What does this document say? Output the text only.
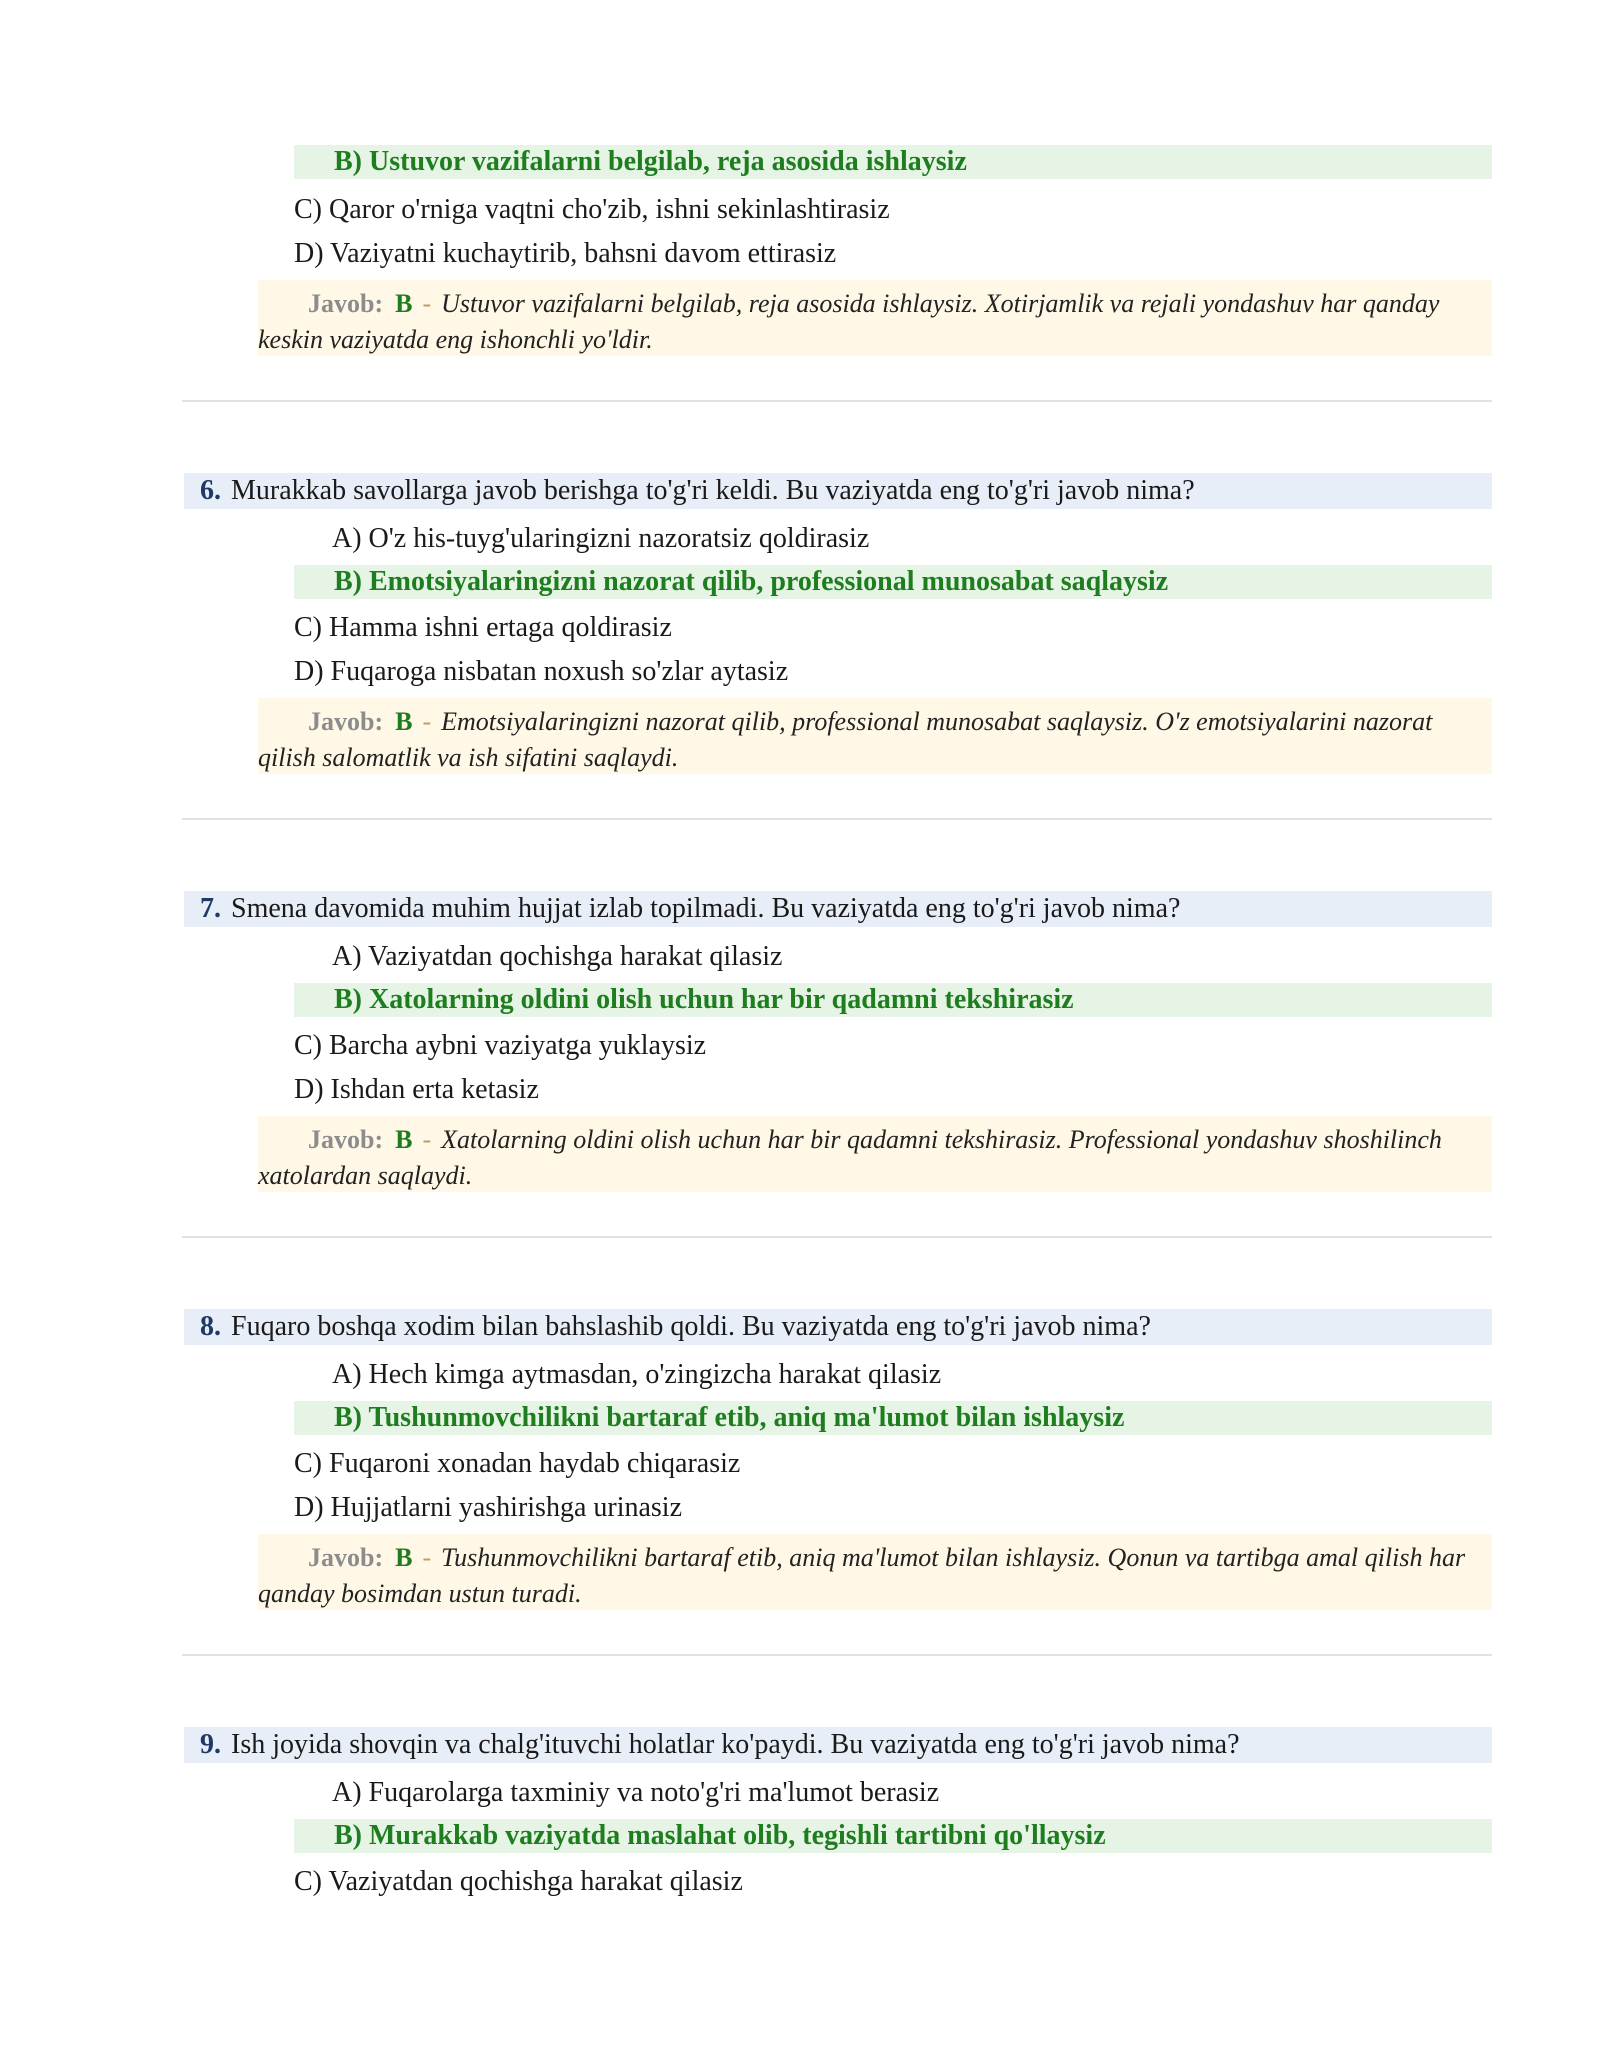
B) Ustuvor vazifalarni belgilab, reja asosida ishlaysiz
C) Qaror o'rniga vaqtni cho'zib, ishni sekinlashtirasiz
D) Vaziyatni kuchaytirib, bahsni davom ettirasiz
Javob: B - Ustuvor vazifalarni belgilab, reja asosida ishlaysiz. Xotirjamlik va rejali yondashuv har qanday keskin vaziyatda eng ishonchli yo'ldir.
6. Murakkab savollarga javob berishga to'g'ri keldi. Bu vaziyatda eng to'g'ri javob nima?
A) O'z his-tuyg'ularingizni nazoratsiz qoldirasiz
B) Emotsiyalaringizni nazorat qilib, professional munosabat saqlaysiz
C) Hamma ishni ertaga qoldirasiz
D) Fuqaroga nisbatan noxush so'zlar aytasiz
Javob: B - Emotsiyalaringizni nazorat qilib, professional munosabat saqlaysiz. O'z emotsiyalarini nazorat qilish salomatlik va ish sifatini saqlaydi.
7. Smena davomida muhim hujjat izlab topilmadi. Bu vaziyatda eng to'g'ri javob nima?
A) Vaziyatdan qochishga harakat qilasiz
B) Xatolarning oldini olish uchun har bir qadamni tekshirasiz
C) Barcha aybni vaziyatga yuklaysiz
D) Ishdan erta ketasiz
Javob: B - Xatolarning oldini olish uchun har bir qadamni tekshirasiz. Professional yondashuv shoshilinch xatolardan saqlaydi.
8. Fuqaro boshqa xodim bilan bahslashib qoldi. Bu vaziyatda eng to'g'ri javob nima?
A) Hech kimga aytmasdan, o'zingizcha harakat qilasiz
B) Tushunmovchilikni bartaraf etib, aniq ma'lumot bilan ishlaysiz
C) Fuqaroni xonadan haydab chiqarasiz
D) Hujjatlarni yashirishga urinasiz
Javob: B - Tushunmovchilikni bartaraf etib, aniq ma'lumot bilan ishlaysiz. Qonun va tartibga amal qilish har qanday bosimdan ustun turadi.
9. Ish joyida shovqin va chalg'ituvchi holatlar ko'paydi. Bu vaziyatda eng to'g'ri javob nima?
A) Fuqarolarga taxminiy va noto'g'ri ma'lumot berasiz
B) Murakkab vaziyatda maslahat olib, tegishli tartibni qo'llaysiz
C) Vaziyatdan qochishga harakat qilasiz
